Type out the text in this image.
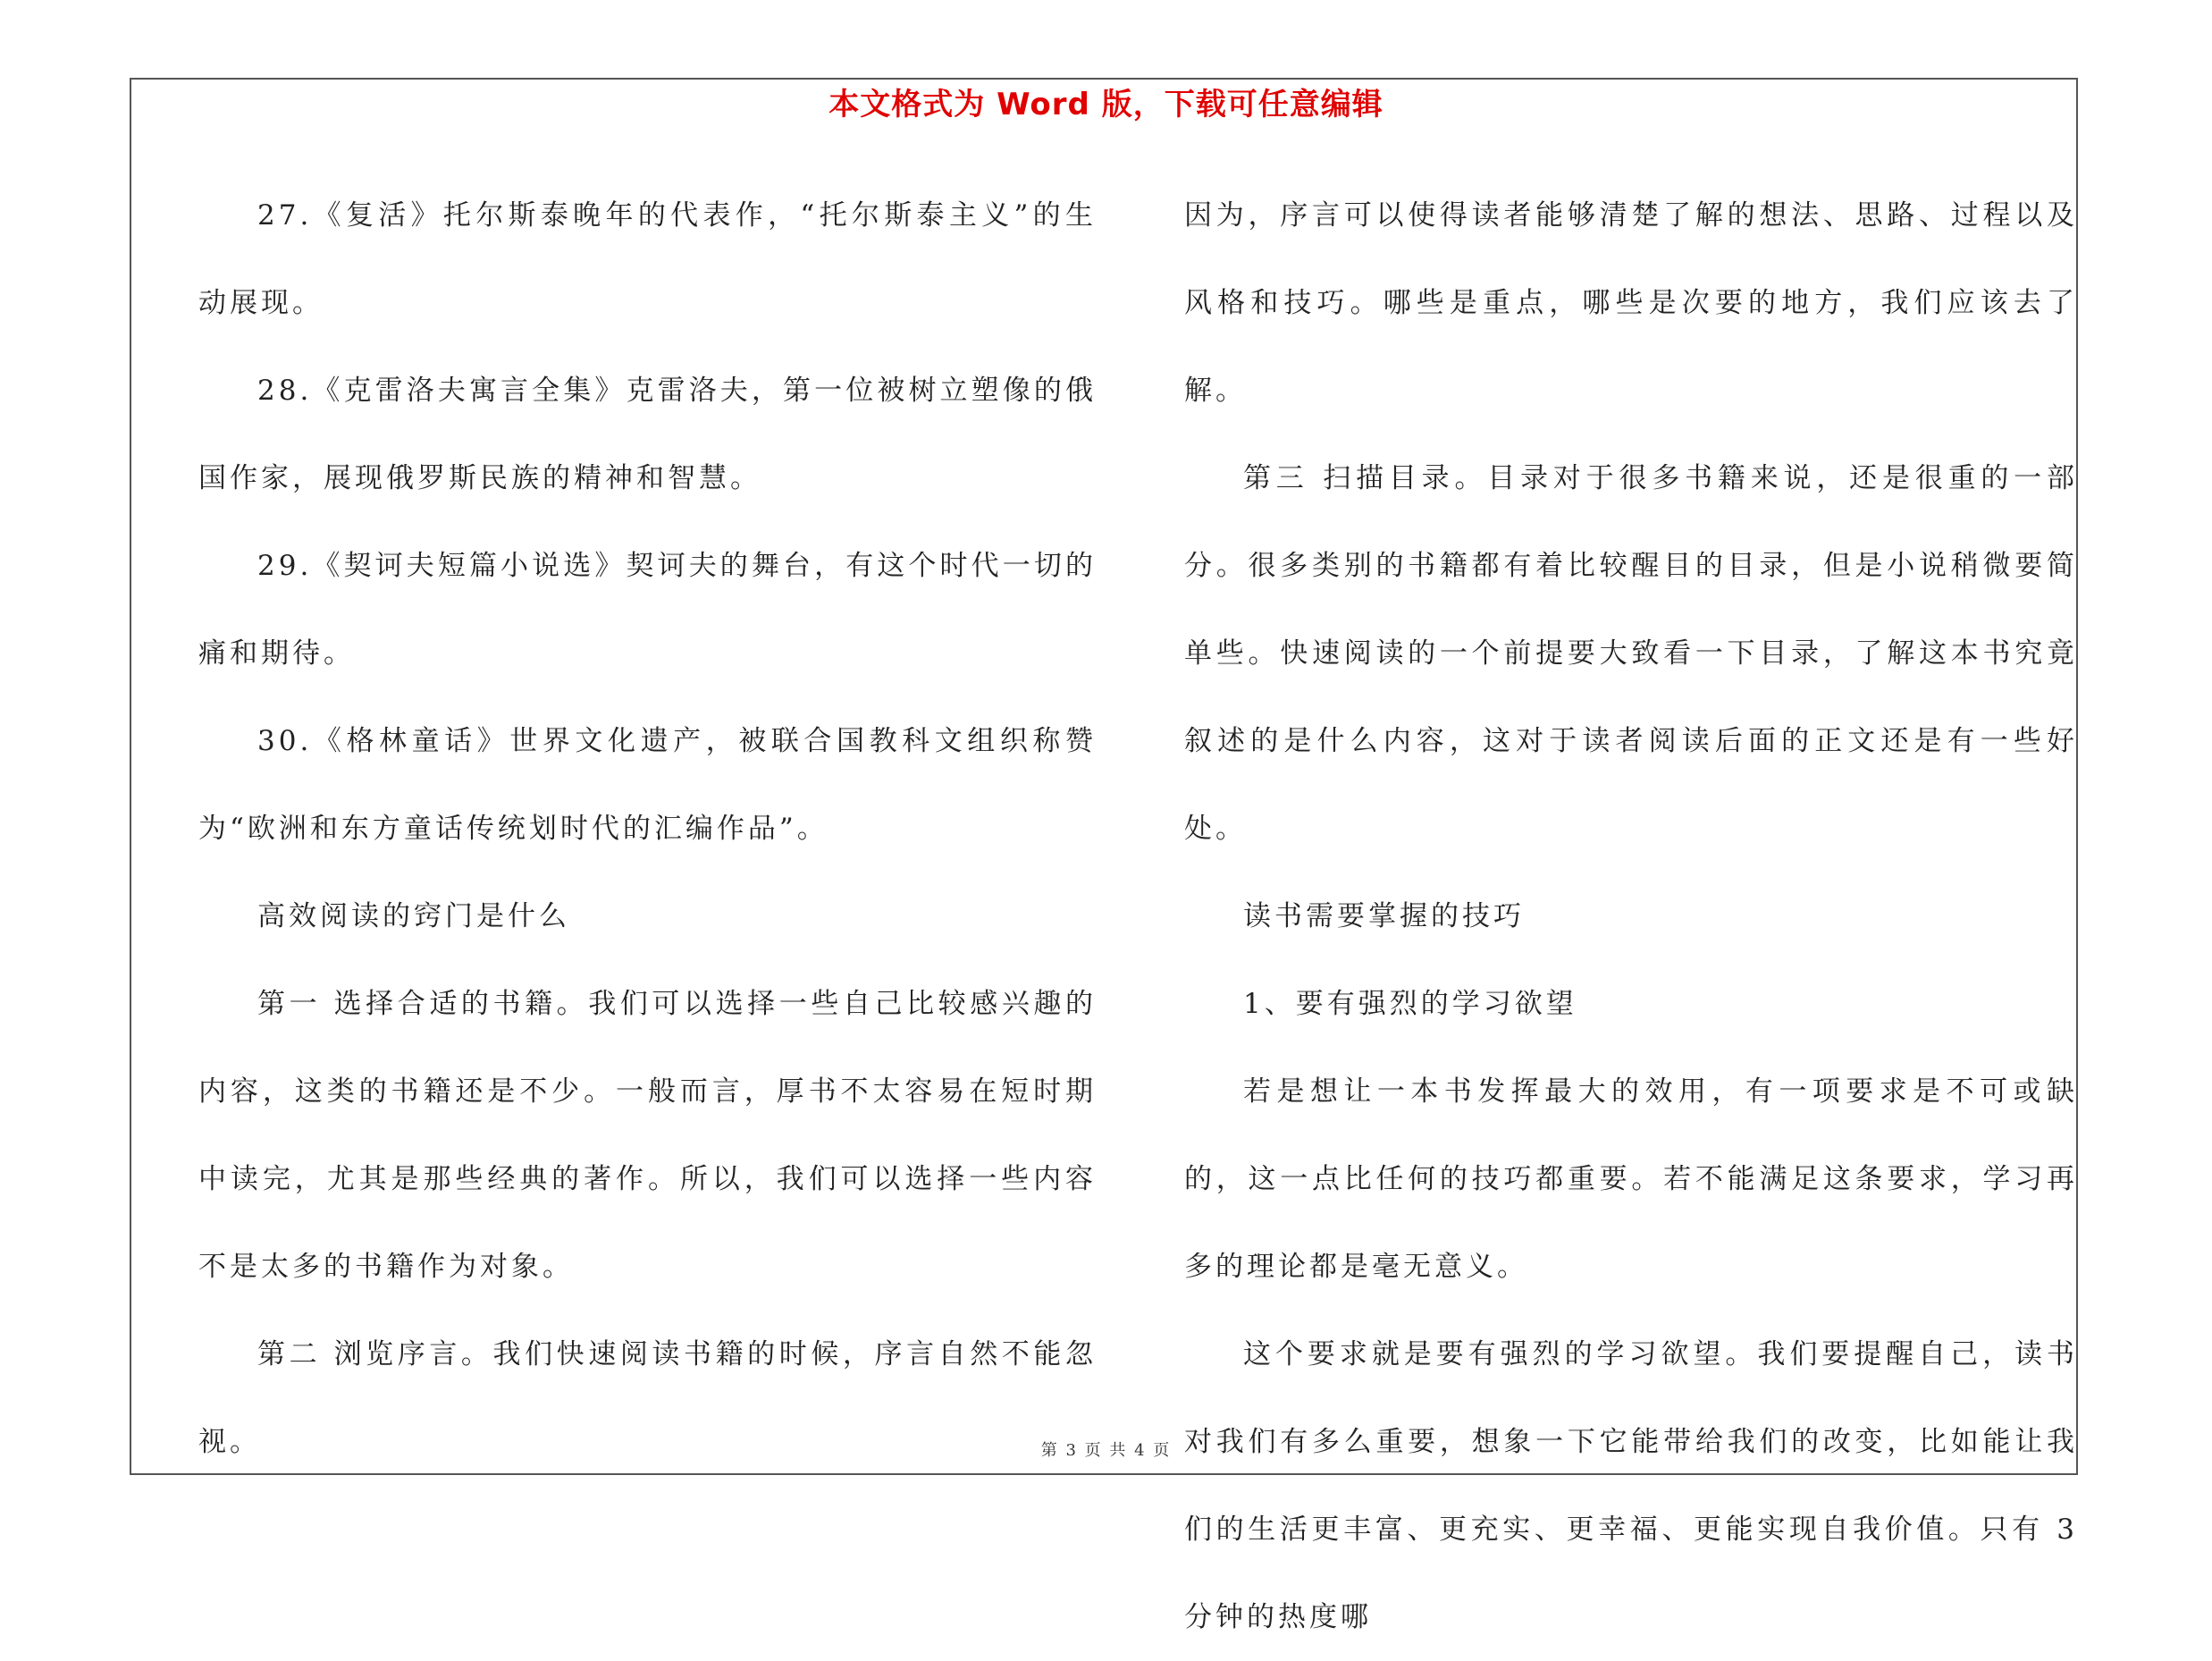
本文格式为 Word 版，下载可任意编辑

27.《复活》托尔斯泰晚年的代表作，“托尔斯泰主义”的生动展现。

28.《克雷洛夫寓言全集》克雷洛夫，第一位被树立塑像的俄国作家，展现俄罗斯民族的精神和智慧。

29.《契诃夫短篇小说选》契诃夫的舞台，有这个时代一切的痛和期待。

30.《格林童话》世界文化遗产，被联合国教科文组织称赞为“欧洲和东方童话传统划时代的汇编作品”。

高效阅读的窍门是什么

第一 选择合适的书籍。我们可以选择一些自己比较感兴趣的内容，这类的书籍还是不少。一般而言，厚书不太容易在短时期中读完，尤其是那些经典的著作。所以，我们可以选择一些内容不是太多的书籍作为对象。

第二 浏览序言。我们快速阅读书籍的时候，序言自然不能忽视。

因为，序言可以使得读者能够清楚了解的想法、思路、过程以及风格和技巧。哪些是重点，哪些是次要的地方，我们应该去了解。

第三 扫描目录。目录对于很多书籍来说，还是很重的一部分。很多类别的书籍都有着比较醒目的目录，但是小说稍微要简单些。快速阅读的一个前提要大致看一下目录，了解这本书究竟叙述的是什么内容，这对于读者阅读后面的正文还是有一些好处。

读书需要掌握的技巧

1、要有强烈的学习欲望

若是想让一本书发挥最大的效用，有一项要求是不可或缺的，这一点比任何的技巧都重要。若不能满足这条要求，学习再多的理论都是毫无意义。

这个要求就是要有强烈的学习欲望。我们要提醒自己，读书对我们有多么重要，想象一下它能带给我们的改变，比如能让我们的生活更丰富、更充实、更幸福、更能实现自我价值。只有 3 分钟的热度哪

第 3 页 共 4 页
